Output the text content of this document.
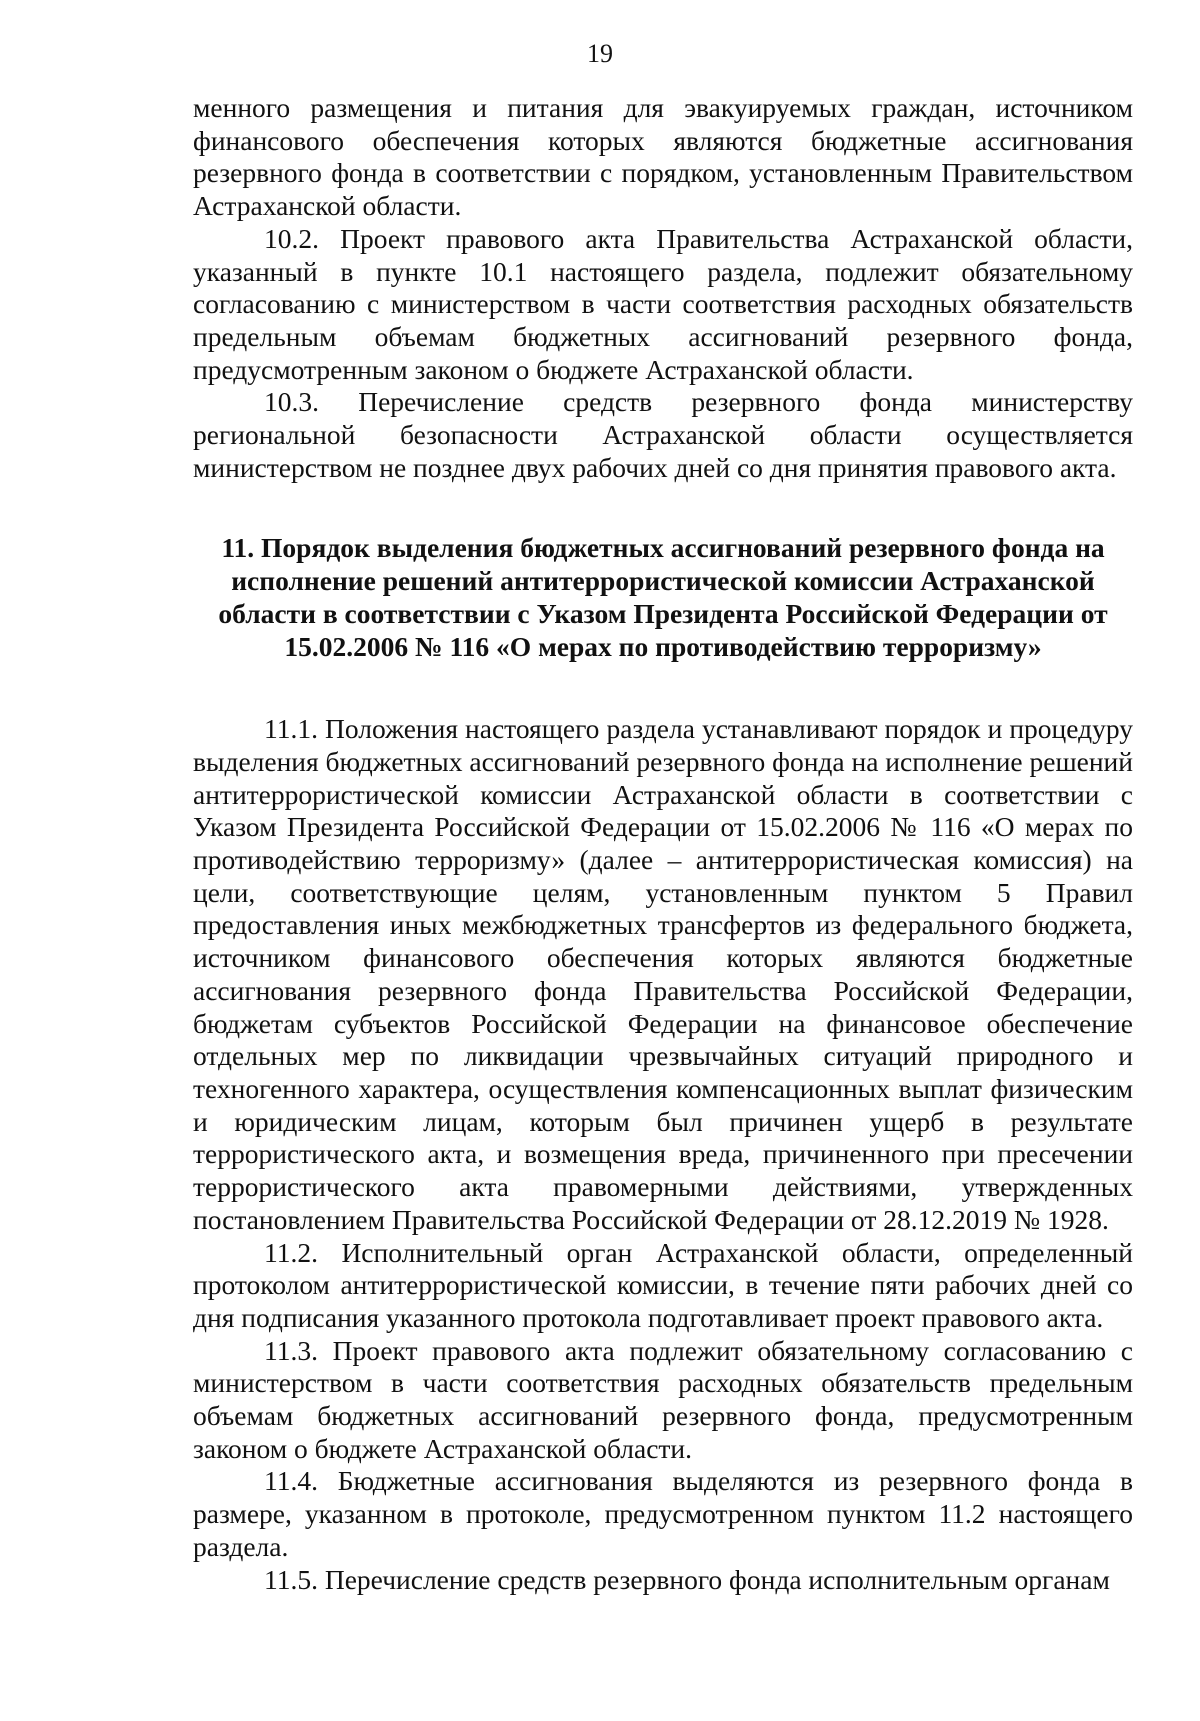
19

менного размещения и питания для эвакуируемых граждан, источником финансового обеспечения которых являются бюджетные ассигнования резервного фонда в соответствии с порядком, установленным Правительством Астраханской области.

10.2. Проект правового акта Правительства Астраханской области, указанный в пункте 10.1 настоящего раздела, подлежит обязательному согласованию с министерством в части соответствия расходных обязательств предельным объемам бюджетных ассигнований резервного фонда, предусмотренным законом о бюджете Астраханской области.

10.3. Перечисление средств резервного фонда министерству региональной безопасности Астраханской области осуществляется министерством не позднее двух рабочих дней со дня принятия правового акта.

11. Порядок выделения бюджетных ассигнований резервного фонда на исполнение решений антитеррористической комиссии Астраханской области в соответствии с Указом Президента Российской Федерации от 15.02.2006 № 116 «О мерах по противодействию терроризму»

11.1. Положения настоящего раздела устанавливают порядок и процедуру выделения бюджетных ассигнований резервного фонда на исполнение решений антитеррористической комиссии Астраханской области в соответствии с Указом Президента Российской Федерации от 15.02.2006 № 116 «О мерах по противодействию терроризму» (далее – антитеррористическая комиссия) на цели, соответствующие целям, установленным пунктом 5 Правил предоставления иных межбюджетных трансфертов из федерального бюджета, источником финансового обеспечения которых являются бюджетные ассигнования резервного фонда Правительства Российской Федерации, бюджетам субъектов Российской Федерации на финансовое обеспечение отдельных мер по ликвидации чрезвычайных ситуаций природного и техногенного характера, осуществления компенсационных выплат физическим и юридическим лицам, которым был причинен ущерб в результате террористического акта, и возмещения вреда, причиненного при пресечении террористического акта правомерными действиями, утвержденных постановлением Правительства Российской Федерации от 28.12.2019 № 1928.

11.2. Исполнительный орган Астраханской области, определенный протоколом антитеррористической комиссии, в течение пяти рабочих дней со дня подписания указанного протокола подготавливает проект правового акта.

11.3. Проект правового акта подлежит обязательному согласованию с министерством в части соответствия расходных обязательств предельным объемам бюджетных ассигнований резервного фонда, предусмотренным законом о бюджете Астраханской области.

11.4. Бюджетные ассигнования выделяются из резервного фонда в размере, указанном в протоколе, предусмотренном пунктом 11.2 настоящего раздела.

11.5. Перечисление средств резервного фонда исполнительным органам
